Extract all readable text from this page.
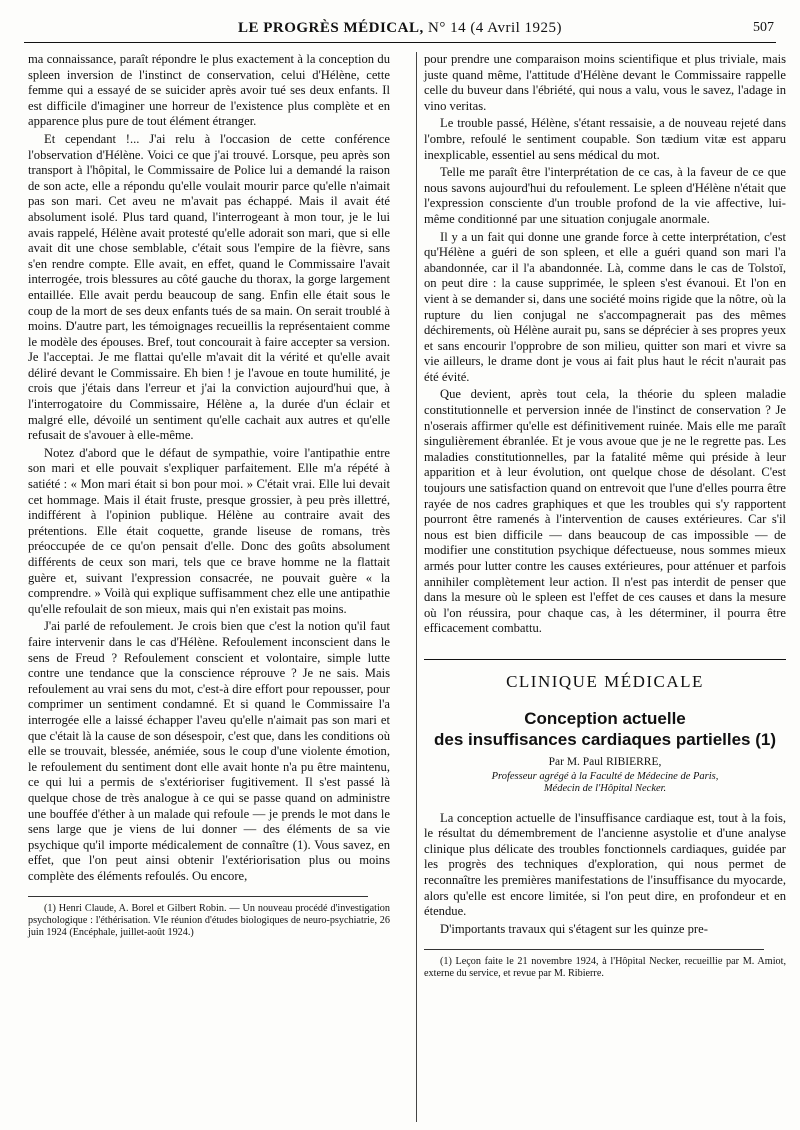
LE PROGRÈS MÉDICAL, N° 14 (4 Avril 1925)	507

ma connaissance, paraît répondre le plus exactement à la conception du spleen inversion de l'instinct de conservation, celui d'Hélène, cette femme qui a essayé de se suicider après avoir tué ses deux enfants. Il est difficile d'imaginer une horreur de l'existence plus complète et en apparence plus pure de tout élément étranger.

Et cependant !... J'ai relu à l'occasion de cette conférence l'observation d'Hélène. Voici ce que j'ai trouvé. Lorsque, peu après son transport à l'hôpital, le Commissaire de Police lui a demandé la raison de son acte, elle a répondu qu'elle voulait mourir parce qu'elle n'aimait pas son mari. Cet aveu ne m'avait pas échappé. Mais il avait été absolument isolé. Plus tard quand, l'interrogeant à mon tour, je le lui avais rappelé, Hélène avait protesté qu'elle adorait son mari, que si elle avait dit une chose semblable, c'était sous l'empire de la fièvre, sans s'en rendre compte. Elle avait, en effet, quand le Commissaire l'avait interrogée, trois blessures au côté gauche du thorax, la gorge largement entaillée. Elle avait perdu beaucoup de sang. Enfin elle était sous le coup de la mort de ses deux enfants tués de sa main. On serait troublé à moins. D'autre part, les témoignages recueillis la représentaient comme le modèle des épouses. Bref, tout concourait à faire accepter sa version. Je l'acceptai. Je me flattai qu'elle m'avait dit la vérité et qu'elle avait déliré devant le Commissaire. Eh bien ! je l'avoue en toute humilité, je crois que j'étais dans l'erreur et j'ai la conviction aujourd'hui que, à l'interrogatoire du Commissaire, Hélène a, la durée d'un éclair et malgré elle, dévoilé un sentiment qu'elle cachait aux autres et qu'elle refusait de s'avouer à elle-même.

Notez d'abord que le défaut de sympathie, voire l'antipathie entre son mari et elle pouvait s'expliquer parfaitement. Elle m'a répété à satiété : « Mon mari était si bon pour moi. » C'était vrai. Elle lui devait cet hommage. Mais il était fruste, presque grossier, à peu près illettré, indifférent à l'opinion publique. Hélène au contraire avait des prétentions. Elle était coquette, grande liseuse de romans, très préoccupée de ce qu'on pensait d'elle. Donc des goûts absolument différents de ceux son mari, tels que ce brave homme ne la flattait guère et, suivant l'expression consacrée, ne pouvait guère « la comprendre. » Voilà qui explique suffisamment chez elle une antipathie qu'elle refoulait de son mieux, mais qui n'en existait pas moins.

J'ai parlé de refoulement. Je crois bien que c'est la notion qu'il faut faire intervenir dans le cas d'Hélène. Refoulement inconscient dans le sens de Freud ? Refoulement conscient et volontaire, simple lutte contre une tendance que la conscience réprouve ? Je ne sais. Mais refoulement au vrai sens du mot, c'est-à dire effort pour repousser, pour comprimer un sentiment condamné. Et si quand le Commissaire l'a interrogée elle a laissé échapper l'aveu qu'elle n'aimait pas son mari et que c'était là la cause de son désespoir, c'est que, dans les conditions où elle se trouvait, blessée, anémiée, sous le coup d'une violente émotion, le refoulement du sentiment dont elle avait honte n'a pu être maintenu, ce qui lui a permis de s'extérioriser fugitivement. Il s'est passé là quelque chose de très analogue à ce qui se passe quand on administre une bouffée d'éther à un malade qui refoule — je prends le mot dans le sens large que je viens de lui donner — des éléments de sa vie psychique qu'il importe médicalement de connaître (1). Vous savez, en effet, que l'on peut ainsi obtenir l'extériorisation plus ou moins complète des éléments refoulés. Ou encore,

(1) Henri Claude, A. Borel et Gilbert Robin. — Un nouveau procédé d'investigation psychologique : l'éthérisation. VIe réunion d'études biologiques de neuro-psychiatrie, 26 juin 1924 (Encéphale, juillet-août 1924.)

pour prendre une comparaison moins scientifique et plus triviale, mais juste quand même, l'attitude d'Hélène devant le Commissaire rappelle celle du buveur dans l'ébriété, qui nous a valu, vous le savez, l'adage in vino veritas.

Le trouble passé, Hélène, s'étant ressaisie, a de nouveau rejeté dans l'ombre, refoulé le sentiment coupable. Son tædium vitæ est apparu inexplicable, essentiel au sens médical du mot.

Telle me paraît être l'interprétation de ce cas, à la faveur de ce que nous savons aujourd'hui du refoulement. Le spleen d'Hélène n'était que l'expression consciente d'un trouble profond de la vie affective, lui-même conditionné par une situation conjugale anormale.

Il y a un fait qui donne une grande force à cette interprétation, c'est qu'Hélène a guéri de son spleen, et elle a guéri quand son mari l'a abandonnée, car il l'a abandonnée. Là, comme dans le cas de Tolstoï, on peut dire : la cause supprimée, le spleen s'est évanoui. Et l'on en vient à se demander si, dans une société moins rigide que la nôtre, où la rupture du lien conjugal ne s'accompagnerait pas des mêmes déchirements, où Hélène aurait pu, sans se déprécier à ses propres yeux et sans encourir l'opprobre de son milieu, quitter son mari et vivre sa vie ailleurs, le drame dont je vous ai fait plus haut le récit n'aurait pas été évité.

Que devient, après tout cela, la théorie du spleen maladie constitutionnelle et perversion innée de l'instinct de conservation ? Je n'oserais affirmer qu'elle est définitivement ruinée. Mais elle me paraît singulièrement ébranlée. Et je vous avoue que je ne le regrette pas. Les maladies constitutionnelles, par la fatalité même qui préside à leur apparition et à leur évolution, ont quelque chose de désolant. C'est toujours une satisfaction quand on entrevoit que l'une d'elles pourra être rayée de nos cadres graphiques et que les troubles qui s'y rapportent pourront être ramenés à l'intervention de causes extérieures. Car s'il nous est bien difficile — dans beaucoup de cas impossible — de modifier une constitution psychique défectueuse, nous sommes mieux armés pour lutter contre les causes extérieures, pour atténuer et parfois annihiler complètement leur action. Il n'est pas interdit de penser que dans la mesure où le spleen est l'effet de ces causes et dans la mesure où l'on réussira, pour chaque cas, à les déterminer, il pourra être efficacement combattu.

CLINIQUE MÉDICALE
Conception actuelle
des insuffisances cardiaques partielles (1)
Par M. Paul RIBIERRE,
Professeur agrégé à la Faculté de Médecine de Paris,
Médecin de l'Hôpital Necker.

La conception actuelle de l'insuffisance cardiaque est, tout à la fois, le résultat du démembrement de l'ancienne asystolie et d'une analyse clinique plus délicate des troubles fonctionnels cardiaques, guidée par les progrès des techniques d'exploration, qui nous permet de reconnaître les premières manifestations de l'insuffisance du myocarde, alors qu'elle est encore limitée, si l'on peut dire, en profondeur et en étendue.

D'importants travaux qui s'étagent sur les quinze pre-

(1) Leçon faite le 21 novembre 1924, à l'Hôpital Necker, recueillie par M. Amiot, externe du service, et revue par M. Ribierre.
